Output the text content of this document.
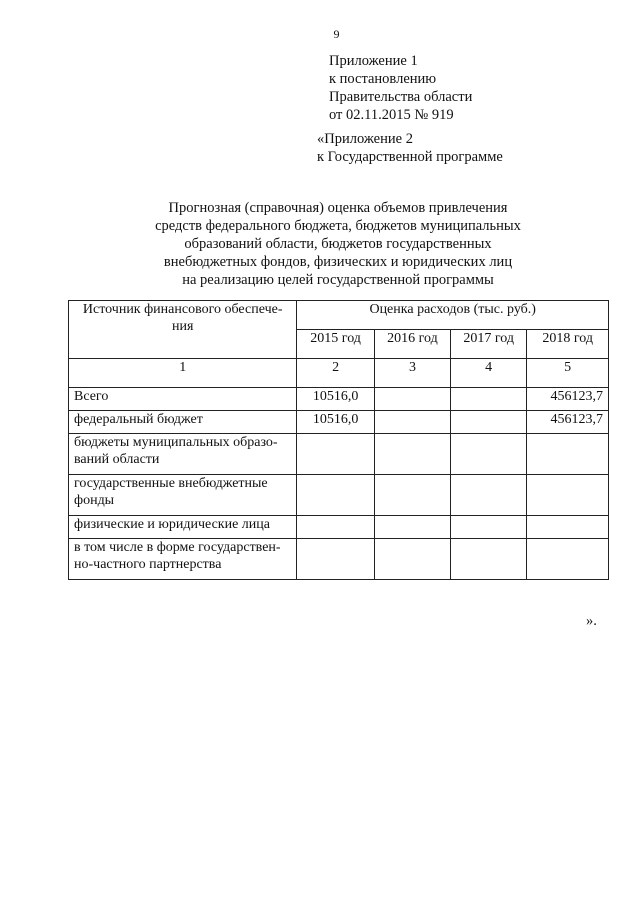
9
Приложение 1
к постановлению
Правительства области
от 02.11.2015 № 919
«Приложение 2
к Государственной программе
Прогнозная (справочная) оценка объемов привлечения
средств федерального бюджета, бюджетов муниципальных
образований области, бюджетов государственных
внебюджетных фондов, физических и юридических лиц
на реализацию целей государственной программы
Источник финансового обеспече-
ния	Оценка расходов (тыс. руб.)			
	2015 год	2016 год	2017 год	2018 год
1	2	3	4	5

Всего	10516,0			456123,7

федеральный бюджет	10516,0			456123,7

бюджеты муниципальных образо-
ваний области				

государственные внебюджетные
фонды				

физические и юридические лица				

в том числе в форме государствен-
но-частного партнерства				

».
